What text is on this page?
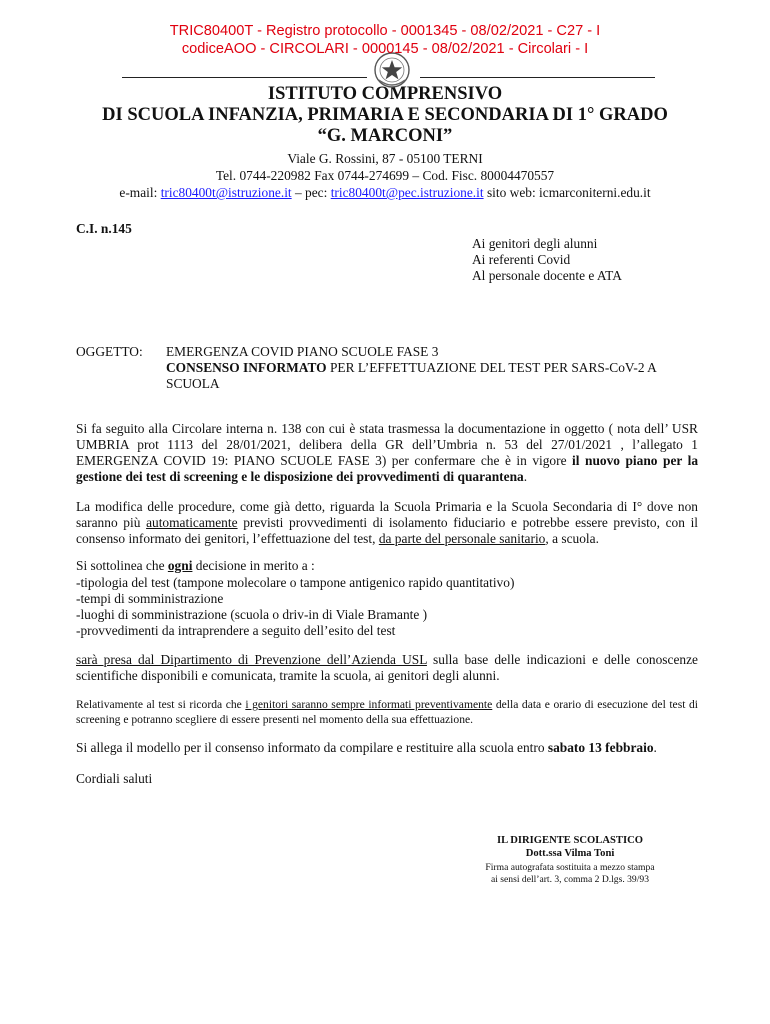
TRIC80400T - Registro protocollo - 0001345 - 08/02/2021 - C27 - I
codiceAOO - CIRCOLARI - 0000145 - 08/02/2021 - Circolari - I
ISTITUTO COMPRENSIVO
DI SCUOLA INFANZIA, PRIMARIA E SECONDARIA DI 1° GRADO
“G. MARCONI”
Viale G. Rossini, 87 - 05100 TERNI
Tel. 0744-220982 Fax 0744-274699 – Cod. Fisc. 80004470557
e-mail: tric80400t@istruzione.it – pec: tric80400t@pec.istruzione.it sito web: icmarconiterni.edu.it
C.I. n.145
Ai genitori degli alunni
Ai referenti Covid
Al personale docente e ATA
OGGETTO: EMERGENZA COVID PIANO SCUOLE FASE 3
CONSENSO INFORMATO PER L’EFFETTUAZIONE DEL TEST PER SARS-CoV-2 A SCUOLA
Si fa seguito alla Circolare interna n. 138 con cui è stata trasmessa la documentazione in oggetto ( nota dell’ USR UMBRIA prot 1113 del 28/01/2021, delibera della GR dell’Umbria n. 53 del 27/01/2021 , l’allegato 1 EMERGENZA COVID 19: PIANO SCUOLE FASE 3) per confermare che è in vigore il nuovo piano per la gestione dei test di screening e le disposizione dei provvedimenti di quarantena.
La modifica delle procedure, come già detto, riguarda la Scuola Primaria e la Scuola Secondaria di I° dove non saranno più automaticamente previsti provvedimenti di isolamento fiduciario e potrebbe essere previsto, con il consenso informato dei genitori, l’effettuazione del test, da parte del personale sanitario, a scuola.
Si sottolinea che ogni decisione in merito a :
-tipologia del test (tampone molecolare o tampone antigenico rapido quantitativo)
-tempi di somministrazione
-luoghi di somministrazione (scuola o driv-in di Viale Bramante )
-provvedimenti da intraprendere a seguito dell’esito del test
sarà presa dal Dipartimento di Prevenzione dell’Azienda USL sulla base delle indicazioni e delle conoscenze scientifiche disponibili e comunicata, tramite la scuola, ai genitori degli alunni.
Relativamente al test si ricorda che i genitori saranno sempre informati preventivamente della data e orario di esecuzione del test di screening e potranno scegliere di essere presenti nel momento della sua effettuazione.
Si allega il modello per il consenso informato da compilare e restituire alla scuola entro sabato 13 febbraio.
Cordiali saluti
IL DIRIGENTE SCOLASTICO
Dott.ssa Vilma Toni
Firma autografata sostituita a mezzo stampa
ai sensi dell’art. 3, comma 2 D.lgs. 39/93
